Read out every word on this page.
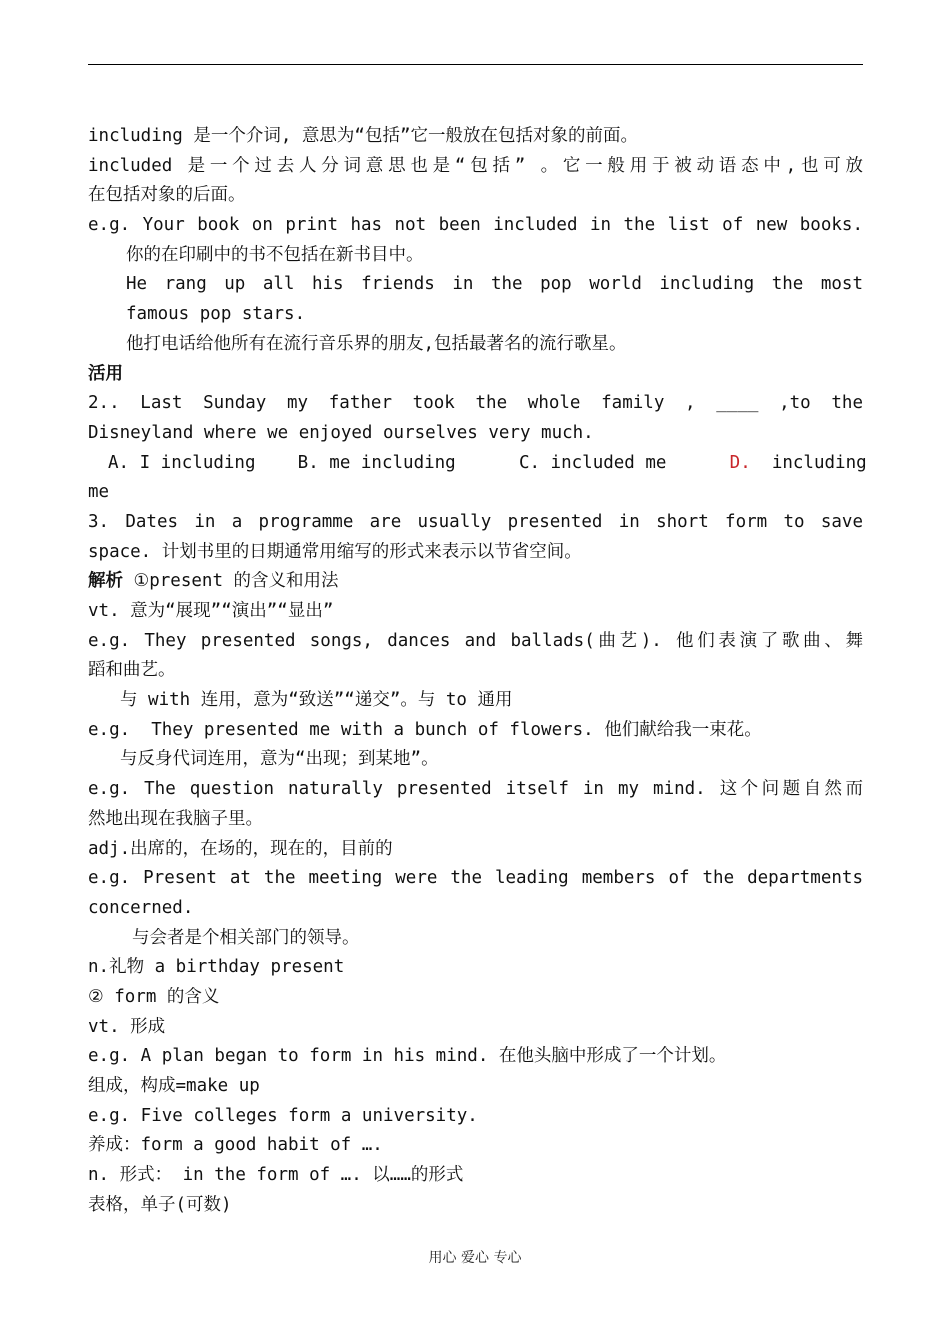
including 是一个介词, 意思为“包括”它一般放在包括对象的前面。
included 是一个过去人分词意思也是“包括” 。它一般用于被动语态中,也可放
在包括对象的后面。
e.g. Your book on print has not been included in the list of new books.
你的在印刷中的书不包括在新书目中。
He rang up all his friends in the pop world including the most
famous pop stars.
他打电话给他所有在流行音乐界的朋友,包括最著名的流行歌星。
活用
2.. Last Sunday my father took the whole family , ____ ,to the
Disneyland where we enjoyed ourselves very much.
A. I including B. me including	C. included me	D. including
me
3. Dates in a programme are usually presented in short form to save
space. 计划书里的日期通常用缩写的形式来表示以节省空间。
解析 ①present 的含义和用法
vt. 意为“展现”“演出”“显出”
e.g. They presented songs, dances and ballads(曲艺). 他们表演了歌曲、舞
蹈和曲艺。
与 with 连用，意为“致送”“递交”。与 to 通用
e.g.  They presented me with a bunch of flowers. 他们献给我一束花。
与反身代词连用，意为“出现；到某地”。
e.g. The question naturally presented itself in my mind. 这个问题自然而
然地出现在我脑子里。
adj.出席的，在场的，现在的，目前的
e.g. Present at the meeting were the leading members of the departments
concerned.
与会者是个相关部门的领导。
n.礼物 a birthday present
② form 的含义
vt. 形成
e.g. A plan began to form in his mind. 在他头脑中形成了一个计划。
组成，构成=make up
e.g. Five colleges form a university.
养成：form a good habit of ….
n. 形式： in the form of …. 以……的形式
表格，单子(可数)
用心 爱心 专心
